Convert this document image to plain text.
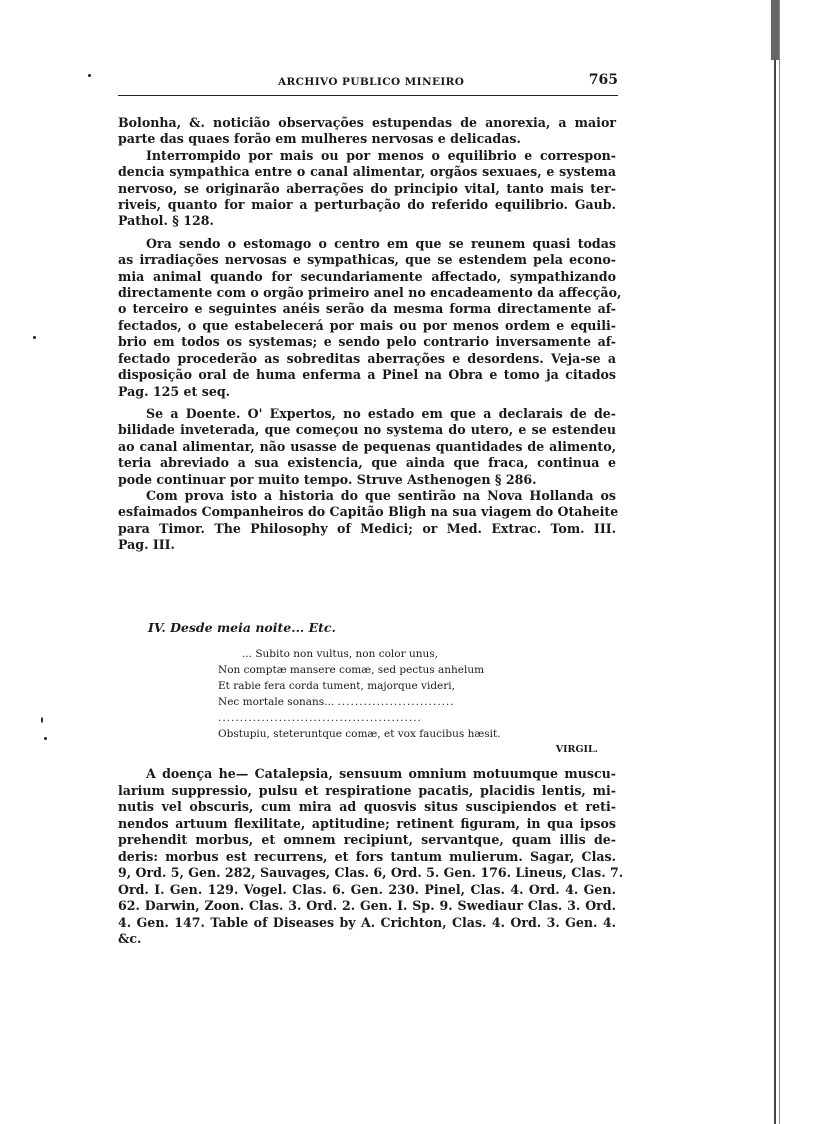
ARCHIVO PUBLICO MINEIRO	765
Bolonha, &. noticião observações estupendas de anorexia, a maior
parte das quaes forão em mulheres nervosas e delicadas.
Interrompido por mais ou por menos o equilibrio e correspon-
dencia sympathica entre o canal alimentar, orgãos sexuaes, e systema
nervoso, se originarão aberrações do principio vital, tanto mais ter-
riveis, quanto for maior a perturbação do referido equilibrio. Gaub.
Pathol. § 128.
Ora sendo o estomago o centro em que se reunem quasi todas
as irradiações nervosas e sympathicas, que se estendem pela econo-
mia animal quando for secundariamente affectado, sympathizando
directamente com o orgão primeiro anel no encadeamento da affecção,
o terceiro e seguintes anéis serão da mesma forma directamente af-
fectados, o que estabelecerá por mais ou por menos ordem e equili-
brio em todos os systemas; e sendo pelo contrario inversamente af-
fectado procederão as sobreditas aberrações e desordens. Veja-se a
disposição oral de huma enferma a Pinel na Obra e tomo ja citados
Pag. 125 et seq.
Se a Doente. O' Expertos, no estado em que a declarais de de-
bilidade inveterada, que começou no systema do utero, e se estendeu
ao canal alimentar, não usasse de pequenas quantidades de alimento,
teria abreviado a sua existencia, que ainda que fraca, continua e
pode continuar por muito tempo. Struve Asthenogen § 286.
Com prova isto a historia do que sentirão na Nova Hollanda os
esfaimados Companheiros do Capitão Bligh na sua viagem do Otaheite
para Timor. The Philosophy of Medici; or Med. Extrac. Tom. III.
Pag. III.
IV. Desde meia noite... Etc.
... Subito non vultus, non color unus,
Non comptæ mansere comæ, sed pectus anhelum
Et rabie fera corda tument, majorque videri,
Nec mortale sonans... ...........................
...............................................
Obstupiu, steteruntque comæ, et vox faucibus hæsit.
VIRGIL.
A doença he— Catalepsia, sensuum omnium motuumque muscu-
larium suppressio, pulsu et respiratione pacatis, placidis lentis, mi-
nutis vel obscuris, cum mira ad quosvis situs suscipiendos et reti-
nendos artuum flexilitate, aptitudine; retinent figuram, in qua ipsos
prehendit morbus, et omnem recipiunt, servantque, quam illis de-
deris: morbus est recurrens, et fors tantum mulierum. Sagar, Clas.
9, Ord. 5, Gen. 282, Sauvages, Clas. 6, Ord. 5. Gen. 176. Lineus, Clas. 7.
Ord. I. Gen. 129. Vogel. Clas. 6. Gen. 230. Pinel, Clas. 4. Ord. 4. Gen.
62. Darwin, Zoon. Clas. 3. Ord. 2. Gen. I. Sp. 9. Swediaur Clas. 3. Ord.
4. Gen. 147. Table of Diseases by A. Crichton, Clas. 4. Ord. 3. Gen. 4.
&c.
